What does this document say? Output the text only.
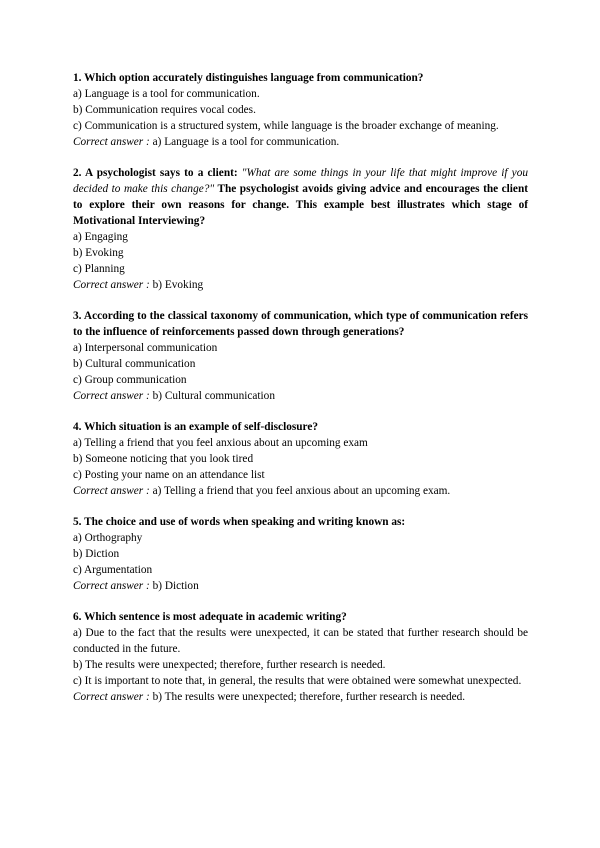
1. Which option accurately distinguishes language from communication?
a) Language is a tool for communication.
b) Communication requires vocal codes.
c) Communication is a structured system, while language is the broader exchange of meaning.
Correct answer : a) Language is a tool for communication.
2. A psychologist says to a client: "What are some things in your life that might improve if you decided to make this change?" The psychologist avoids giving advice and encourages the client to explore their own reasons for change. This example best illustrates which stage of Motivational Interviewing?
a) Engaging
b) Evoking
c) Planning
Correct answer : b) Evoking
3. According to the classical taxonomy of communication, which type of communication refers to the influence of reinforcements passed down through generations?
a) Interpersonal communication
b) Cultural communication
c) Group communication
Correct answer : b) Cultural communication
4. Which situation is an example of self-disclosure?
a) Telling a friend that you feel anxious about an upcoming exam
b) Someone noticing that you look tired
c) Posting your name on an attendance list
Correct answer : a) Telling a friend that you feel anxious about an upcoming exam.
5. The choice and use of words when speaking and writing known as:
a) Orthography
b) Diction
c) Argumentation
Correct answer : b) Diction
6. Which sentence is most adequate in academic writing?
a) Due to the fact that the results were unexpected, it can be stated that further research should be conducted in the future.
b) The results were unexpected; therefore, further research is needed.
c) It is important to note that, in general, the results that were obtained were somewhat unexpected.
Correct answer : b) The results were unexpected; therefore, further research is needed.
